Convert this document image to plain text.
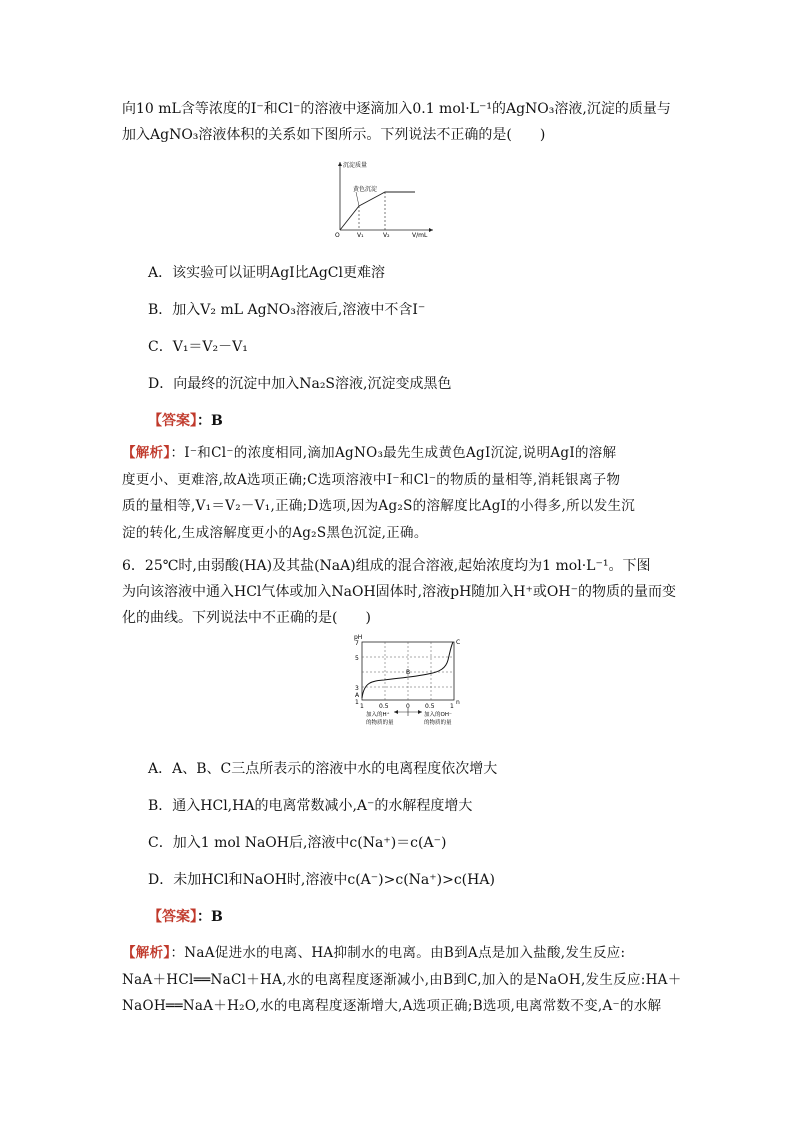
向10 mL含等浓度的I⁻和Cl⁻的溶液中逐滴加入0.1 mol·L⁻¹的AgNO₃溶液,沉淀的质量与
加入AgNO₃溶液体积的关系如下图所示。下列说法不正确的是(　　)
沉淀质量
黄色沉淀
O	V₁	V₂	V/mL
A．该实验可以证明AgI比AgCl更难溶
B．加入V₂ mL AgNO₃溶液后,溶液中不含I⁻
C．V₁＝V₂－V₁
D．向最终的沉淀中加入Na₂S溶液,沉淀变成黑色
【答案】：B
【解析】：I⁻和Cl⁻的浓度相同,滴加AgNO₃最先生成黄色AgI沉淀,说明AgI的溶解
度更小、更难溶,故A选项正确;C选项溶液中I⁻和Cl⁻的物质的量相等,消耗银离子物
质的量相等,V₁＝V₂－V₁,正确;D选项,因为Ag₂S的溶解度比AgI的小得多,所以发生沉
淀的转化,生成溶解度更小的Ag₂S黑色沉淀,正确。
6．25℃时,由弱酸(HA)及其盐(NaA)组成的混合溶液,起始浓度均为1 mol·L⁻¹。下图
为向该溶液中通入HCl气体或加入NaOH固体时,溶液pH随加入H⁺或OH⁻的物质的量而变
化的曲线。下列说法中不正确的是(　　)
pH
7
5
3
1
A
B
C
1	0.5	0	0.5	1
n
加入的H⁺
的物质的量
加入的OH⁻
的物质的量
A．A、B、C三点所表示的溶液中水的电离程度依次增大
B．通入HCl,HA的电离常数减小,A⁻的水解程度增大
C．加入1 mol NaOH后,溶液中c(Na⁺)＝c(A⁻)
D．未加HCl和NaOH时,溶液中c(A⁻)>c(Na⁺)>c(HA)
【答案】：B
【解析】：NaA促进水的电离、HA抑制水的电离。由B到A点是加入盐酸,发生反应:
NaA＋HCl══NaCl＋HA,水的电离程度逐渐减小,由B到C,加入的是NaOH,发生反应:HA＋
NaOH══NaA＋H₂O,水的电离程度逐渐增大,A选项正确;B选项,电离常数不变,A⁻的水解
